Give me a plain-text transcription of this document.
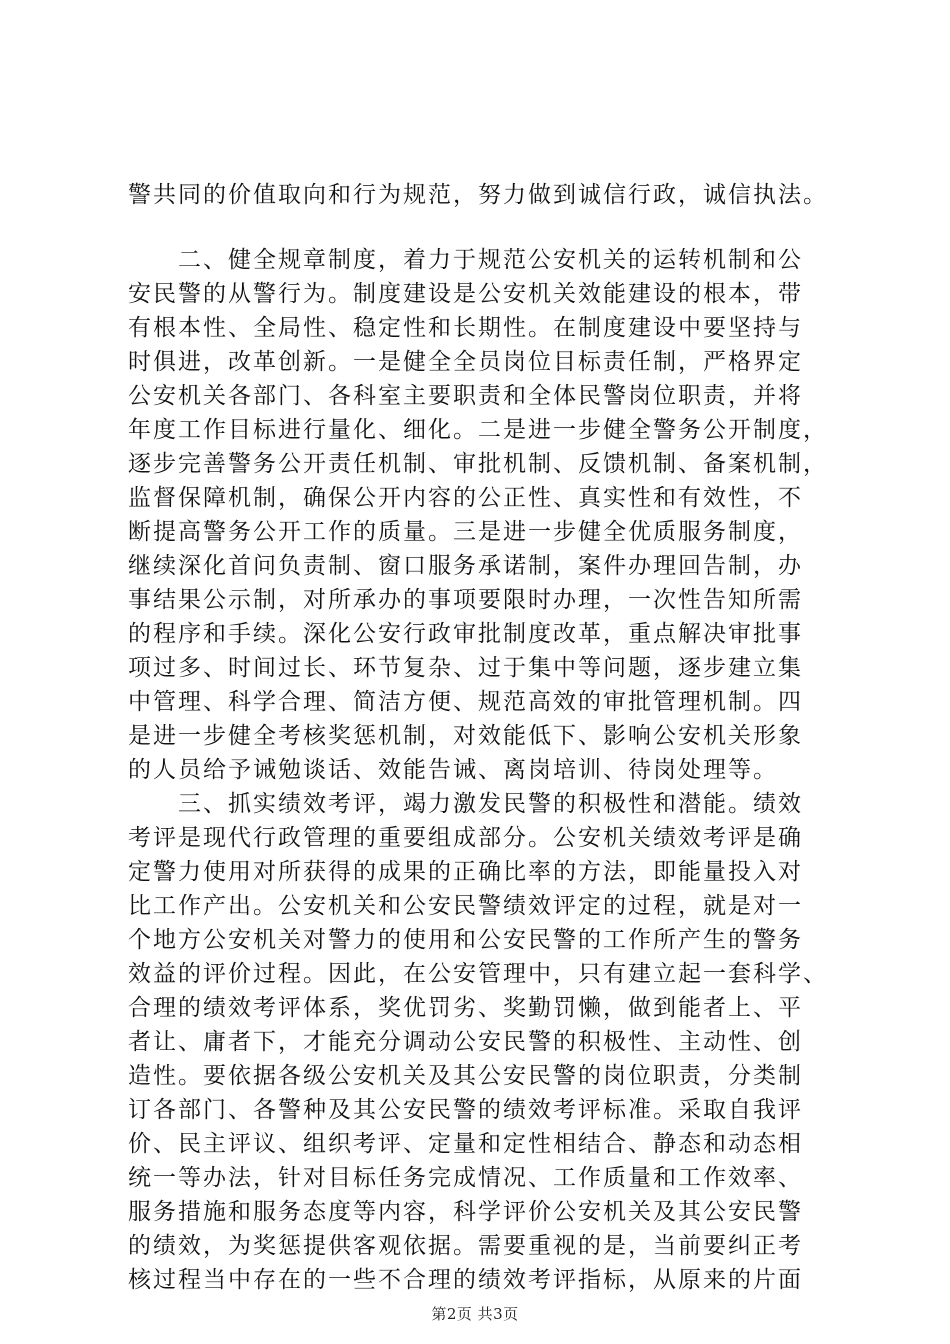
警共同的价值取向和行为规范，努力做到诚信行政，诚信执法。
二、健全规章制度，着力于规范公安机关的运转机制和公
安民警的从警行为。制度建设是公安机关效能建设的根本，带
有根本性、全局性、稳定性和长期性。在制度建设中要坚持与
时俱进，改革创新。一是健全全员岗位目标责任制，严格界定
公安机关各部门、各科室主要职责和全体民警岗位职责，并将
年度工作目标进行量化、细化。二是进一步健全警务公开制度，
逐步完善警务公开责任机制、审批机制、反馈机制、备案机制，
监督保障机制，确保公开内容的公正性、真实性和有效性，不
断提高警务公开工作的质量。三是进一步健全优质服务制度，
继续深化首问负责制、窗口服务承诺制，案件办理回告制，办
事结果公示制，对所承办的事项要限时办理，一次性告知所需
的程序和手续。深化公安行政审批制度改革，重点解决审批事
项过多、时间过长、环节复杂、过于集中等问题，逐步建立集
中管理、科学合理、简洁方便、规范高效的审批管理机制。四
是进一步健全考核奖惩机制，对效能低下、影响公安机关形象
的人员给予诫勉谈话、效能告诫、离岗培训、待岗处理等。
三、抓实绩效考评，竭力激发民警的积极性和潜能。绩效
考评是现代行政管理的重要组成部分。公安机关绩效考评是确
定警力使用对所获得的成果的正确比率的方法，即能量投入对
比工作产出。公安机关和公安民警绩效评定的过程，就是对一
个地方公安机关对警力的使用和公安民警的工作所产生的警务
效益的评价过程。因此，在公安管理中，只有建立起一套科学、
合理的绩效考评体系，奖优罚劣、奖勤罚懒，做到能者上、平
者让、庸者下，才能充分调动公安民警的积极性、主动性、创
造性。要依据各级公安机关及其公安民警的岗位职责，分类制
订各部门、各警种及其公安民警的绩效考评标准。采取自我评
价、民主评议、组织考评、定量和定性相结合、静态和动态相
统一等办法，针对目标任务完成情况、工作质量和工作效率、
服务措施和服务态度等内容，科学评价公安机关及其公安民警
的绩效，为奖惩提供客观依据。需要重视的是，当前要纠正考
核过程当中存在的一些不合理的绩效考评指标，从原来的片面
第2页 共3页
